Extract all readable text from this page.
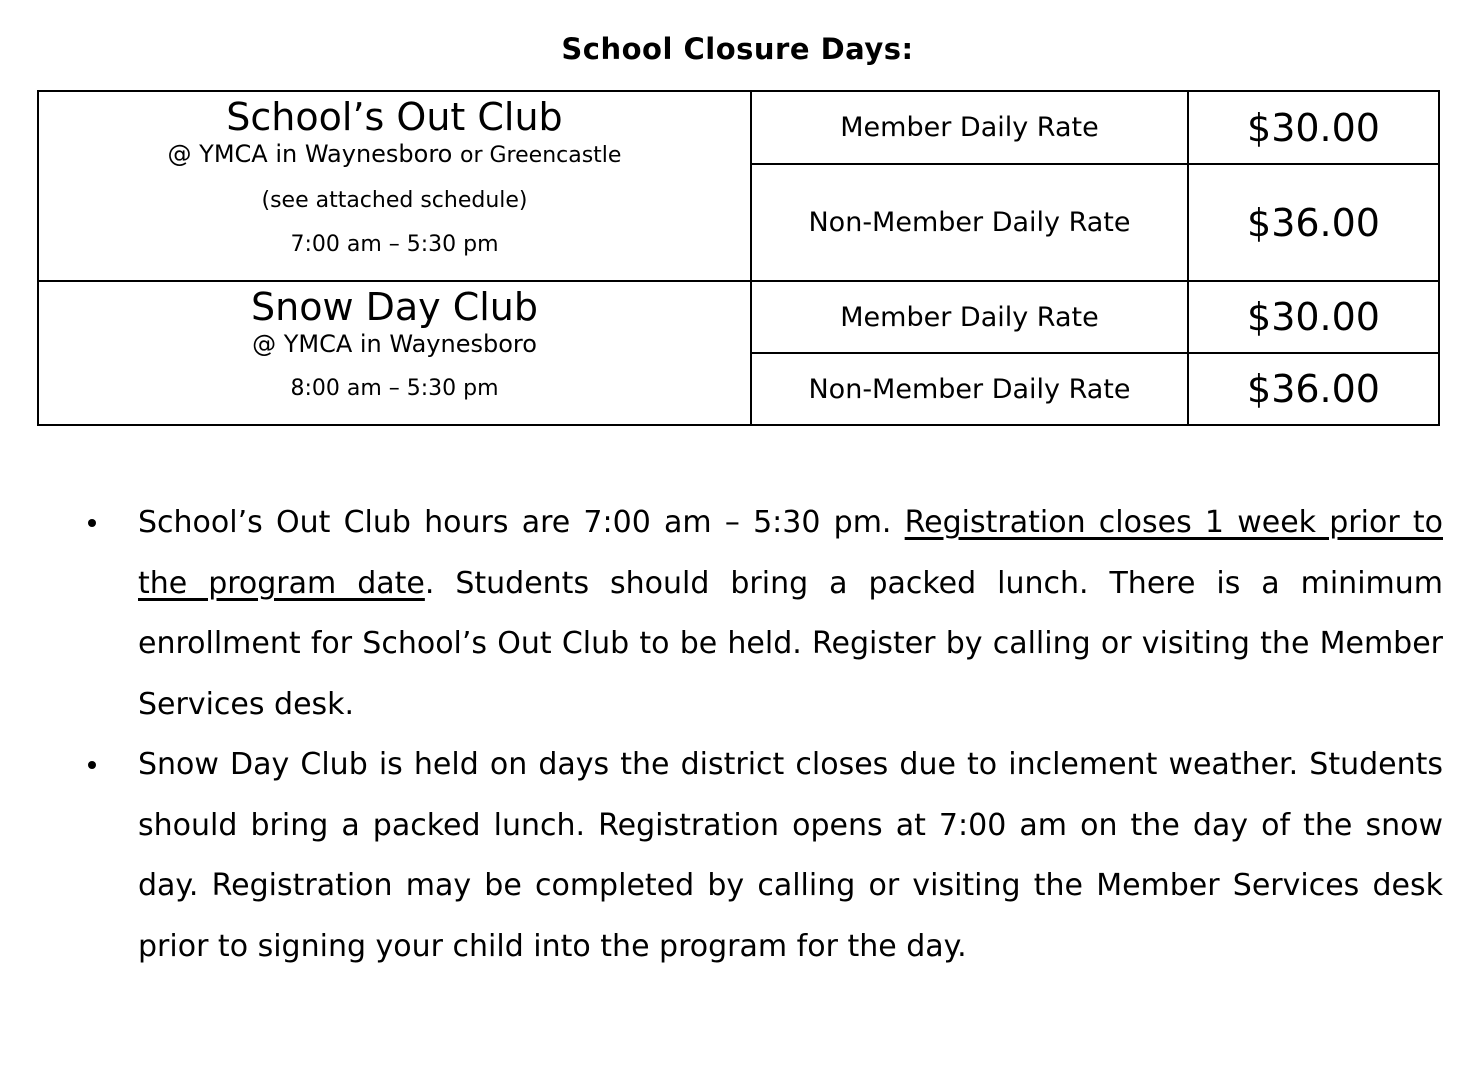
School Closure Days:
School’s Out Club
@ YMCA in Waynesboro or Greencastle
(see attached schedule)
7:00 am – 5:30 pm	Member Daily Rate	$30.00
	Non-Member Daily Rate	$36.00

Snow Day Club
@ YMCA in Waynesboro
8:00 am – 5:30 pm	Member Daily Rate	$30.00
	Non-Member Daily Rate	$36.00
School’s Out Club hours are 7:00 am – 5:30 pm. Registration closes 1 week prior to the program date. Students should bring a packed lunch. There is a minimum enrollment for School’s Out Club to be held. Register by calling or visiting the Member Services desk.
Snow Day Club is held on days the district closes due to inclement weather. Students should bring a packed lunch. Registration opens at 7:00 am on the day of the snow day. Registration may be completed by calling or visiting the Member Services desk prior to signing your child into the program for the day.
